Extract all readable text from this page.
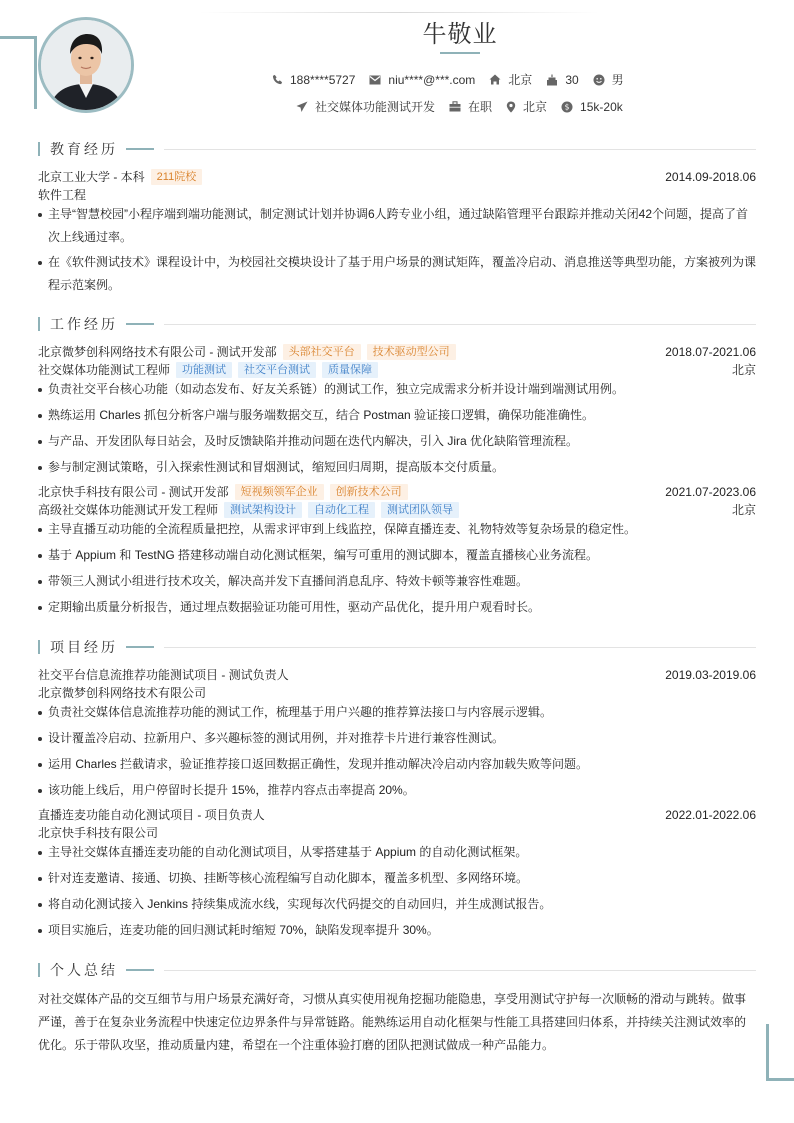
牛敬业
188****5727	niu****@***.com	北京	30	男
社交媒体功能测试开发	在职	北京 $ 15k-20k
教育经历
北京工业大学 - 本科	211院校	2014.09-2018.06
软件工程
主导“智慧校园”小程序端到端功能测试，制定测试计划并协调6人跨专业小组，通过缺陷管理平台跟踪并推动关闭42个问题，提高了首次上线通过率。
在《软件测试技术》课程设计中，为校园社交模块设计了基于用户场景的测试矩阵，覆盖冷启动、消息推送等典型功能，方案被列为课程示范案例。
工作经历
北京微梦创科网络技术有限公司 - 测试开发部	头部社交平台	技术驱动型公司	2018.07-2021.06
社交媒体功能测试工程师	功能测试	社交平台测试	质量保障	北京
负责社交平台核心功能（如动态发布、好友关系链）的测试工作，独立完成需求分析并设计端到端测试用例。
熟练运用 Charles 抓包分析客户端与服务端数据交互，结合 Postman 验证接口逻辑，确保功能准确性。
与产品、开发团队每日站会，及时反馈缺陷并推动问题在迭代内解决，引入 Jira 优化缺陷管理流程。
参与制定测试策略，引入探索性测试和冒烟测试，缩短回归周期，提高版本交付质量。
北京快手科技有限公司 - 测试开发部	短视频领军企业	创新技术公司	2021.07-2023.06
高级社交媒体功能测试开发工程师	测试架构设计	自动化工程	测试团队领导	北京
主导直播互动功能的全流程质量把控，从需求评审到上线监控，保障直播连麦、礼物特效等复杂场景的稳定性。
基于 Appium 和 TestNG 搭建移动端自动化测试框架，编写可重用的测试脚本，覆盖直播核心业务流程。
带领三人测试小组进行技术攻关，解决高并发下直播间消息乱序、特效卡顿等兼容性难题。
定期输出质量分析报告，通过埋点数据验证功能可用性，驱动产品优化，提升用户观看时长。
项目经历
社交平台信息流推荐功能测试项目 - 测试负责人	2019.03-2019.06
北京微梦创科网络技术有限公司
负责社交媒体信息流推荐功能的测试工作，梳理基于用户兴趣的推荐算法接口与内容展示逻辑。
设计覆盖冷启动、拉新用户、多兴趣标签的测试用例，并对推荐卡片进行兼容性测试。
运用 Charles 拦截请求，验证推荐接口返回数据正确性，发现并推动解决冷启动内容加载失败等问题。
该功能上线后，用户停留时长提升 15%，推荐内容点击率提高 20%。
直播连麦功能自动化测试项目 - 项目负责人	2022.01-2022.06
北京快手科技有限公司
主导社交媒体直播连麦功能的自动化测试项目，从零搭建基于 Appium 的自动化测试框架。
针对连麦邀请、接通、切换、挂断等核心流程编写自动化脚本，覆盖多机型、多网络环境。
将自动化测试接入 Jenkins 持续集成流水线，实现每次代码提交的自动回归，并生成测试报告。
项目实施后，连麦功能的回归测试耗时缩短 70%，缺陷发现率提升 30%。
个人总结
对社交媒体产品的交互细节与用户场景充满好奇，习惯从真实使用视角挖掘功能隐患，享受用测试守护每一次顺畅的滑动与跳转。做事严谨，善于在复杂业务流程中快速定位边界条件与异常链路。能熟练运用自动化框架与性能工具搭建回归体系，并持续关注测试效率的优化。乐于带队攻坚，推动质量内建，希望在一个注重体验打磨的团队把测试做成一种产品能力。
